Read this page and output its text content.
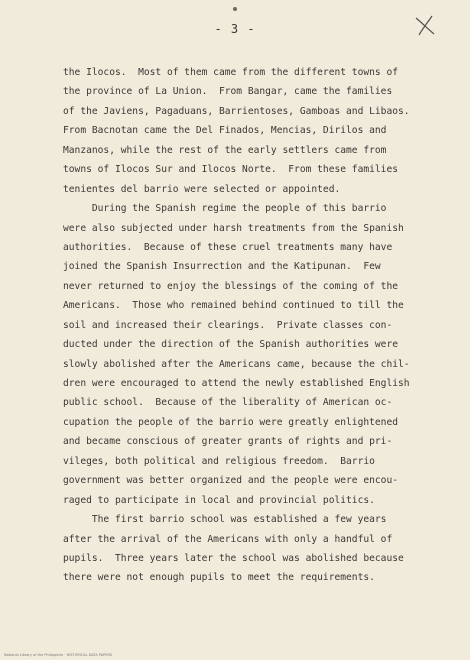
- 3 -
the Ilocos.  Most of them came from the different towns of
the province of La Union.  From Bangar, came the families
of the Javiens, Pagaduans, Barrientoses, Gamboas and Libaos.
From Bacnotan came the Del Finados, Mencias, Dirilos and
Manzanos, while the rest of the early settlers came from
towns of Ilocos Sur and Ilocos Norte.  From these families
tenientes del barrio were selected or appointed.
During the Spanish regime the people of this barrio
were also subjected under harsh treatments from the Spanish
authorities.  Because of these cruel treatments many have
joined the Spanish Insurrection and the Katipunan.  Few
never returned to enjoy the blessings of the coming of the
Americans.  Those who remained behind continued to till the
soil and increased their clearings.  Private classes con-
ducted under the direction of the Spanish authorities were
slowly abolished after the Americans came, because the chil-
dren were encouraged to attend the newly established English
public school.  Because of the liberality of American oc-
cupation the people of the barrio were greatly enlightened
and became conscious of greater grants of rights and pri-
vileges, both political and religious freedom.  Barrio
government was better organized and the people were encou-
raged to participate in local and provincial politics.
The first barrio school was established a few years
after the arrival of the Americans with only a handful of
pupils.  Three years later the school was abolished because
there were not enough pupils to meet the requirements.
National Library of the Philippines · HISTORICAL DATA PAPERS
